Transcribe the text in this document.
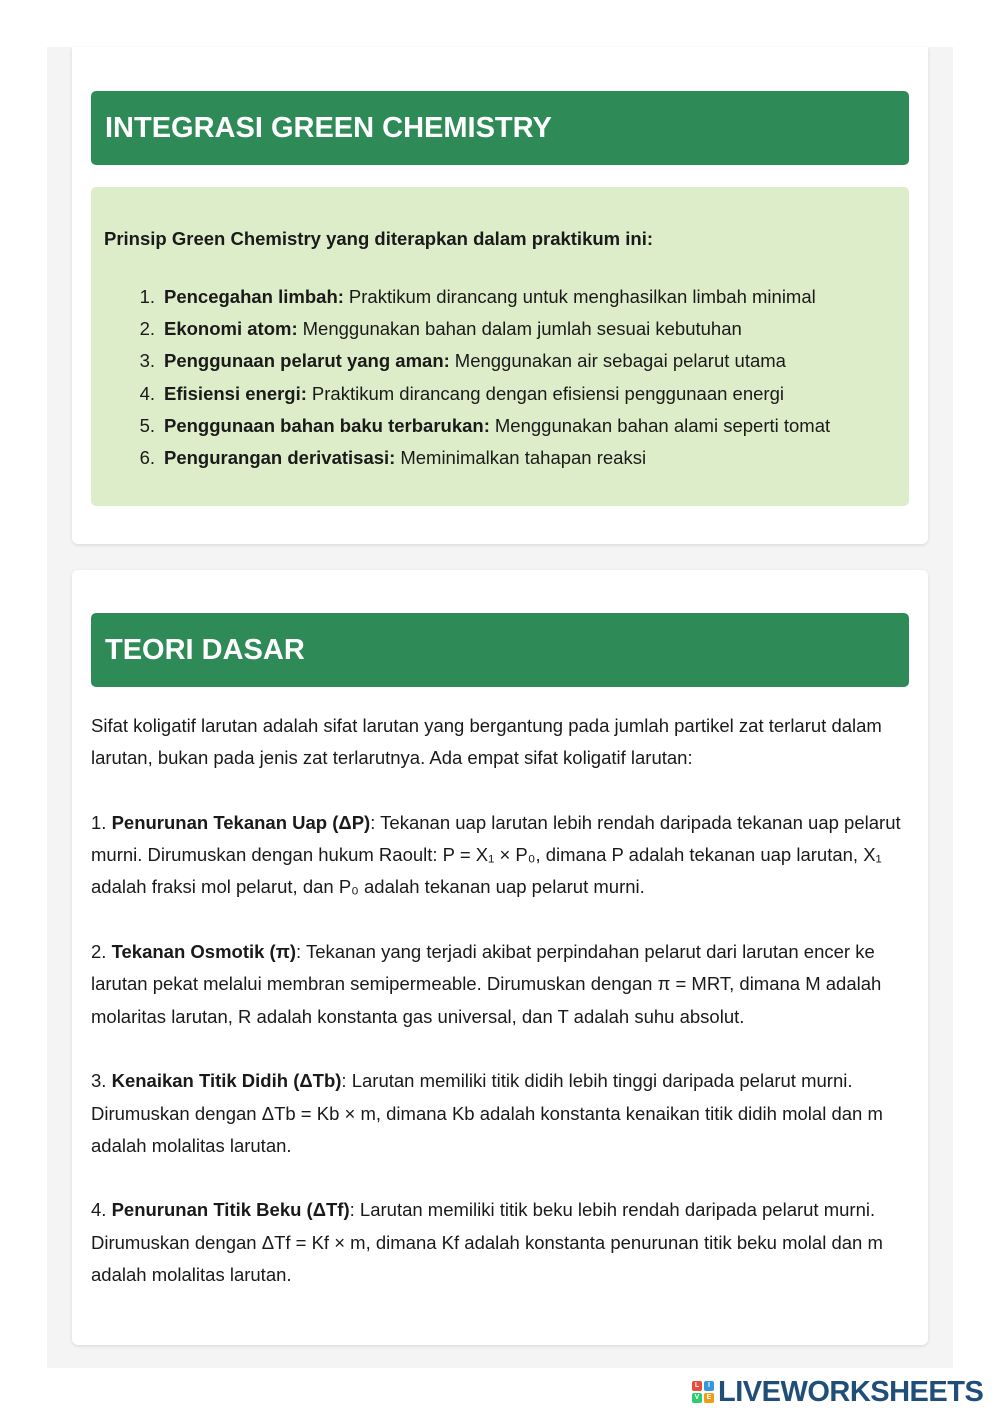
INTEGRASI GREEN CHEMISTRY
Prinsip Green Chemistry yang diterapkan dalam praktikum ini:
1. Pencegahan limbah: Praktikum dirancang untuk menghasilkan limbah minimal
2. Ekonomi atom: Menggunakan bahan dalam jumlah sesuai kebutuhan
3. Penggunaan pelarut yang aman: Menggunakan air sebagai pelarut utama
4. Efisiensi energi: Praktikum dirancang dengan efisiensi penggunaan energi
5. Penggunaan bahan baku terbarukan: Menggunakan bahan alami seperti tomat
6. Pengurangan derivatisasi: Meminimalkan tahapan reaksi
TEORI DASAR

Sifat koligatif larutan adalah sifat larutan yang bergantung pada jumlah partikel zat terlarut dalam larutan, bukan pada jenis zat terlarutnya. Ada empat sifat koligatif larutan:

1. Penurunan Tekanan Uap (ΔP): Tekanan uap larutan lebih rendah daripada tekanan uap pelarut murni. Dirumuskan dengan hukum Raoult: P = X₁ × P₀, dimana P adalah tekanan uap larutan, X₁ adalah fraksi mol pelarut, dan P₀ adalah tekanan uap pelarut murni.

2. Tekanan Osmotik (π): Tekanan yang terjadi akibat perpindahan pelarut dari larutan encer ke larutan pekat melalui membran semipermeable. Dirumuskan dengan π = MRT, dimana M adalah molaritas larutan, R adalah konstanta gas universal, dan T adalah suhu absolut.

3. Kenaikan Titik Didih (ΔTb): Larutan memiliki titik didih lebih tinggi daripada pelarut murni. Dirumuskan dengan ΔTb = Kb × m, dimana Kb adalah konstanta kenaikan titik didih molal dan m adalah molalitas larutan.

4. Penurunan Titik Beku (ΔTf): Larutan memiliki titik beku lebih rendah daripada pelarut murni. Dirumuskan dengan ΔTf = Kf × m, dimana Kf adalah konstanta penurunan titik beku molal dan m adalah molalitas larutan.

L	I
V	E LIVEWORKSHEETS
